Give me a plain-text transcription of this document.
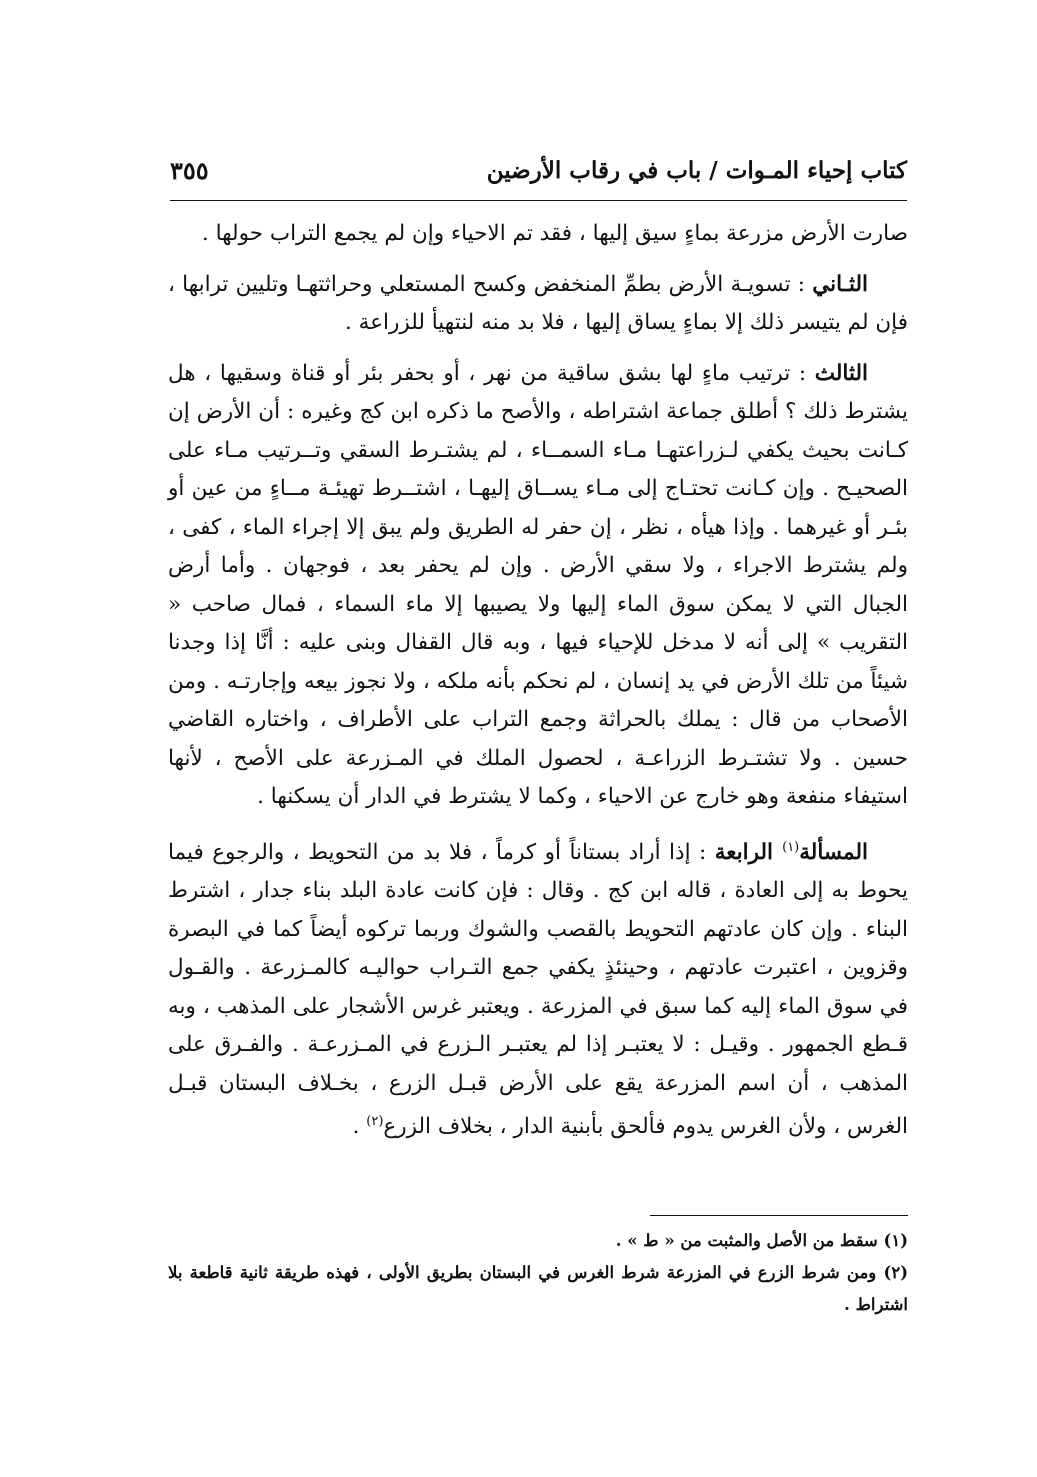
كتاب إحياء المـوات / باب في رقاب الأرضين
٣٥٥

صارت الأرض مزرعة بماءٍ سيق إليها ، فقد تم الاحياء وإن لم يجمع التراب حولها .

الثـاني : تسويـة الأرض بطمِّ المنخفض وكسح المستعلي وحراثتهـا وتليين ترابها ، فإن لم يتيسر ذلك إلا بماءٍ يساق إليها ، فلا بد منه لنتهيأ للزراعة .

الثالث : ترتيب ماءٍ لها بشق ساقية من نهر ، أو بحفر بئر أو قناة وسقيها ، هل يشترط ذلك ؟ أطلق جماعة اشتراطه ، والأصح ما ذكره ابن كج وغيره : أن الأرض إن كـانت بحيث يكفي لـزراعتهـا مـاء السمــاء ، لم يشتـرط السقي وتــرتيب مـاء على الصحيـح . وإن كـانت تحتـاج إلى مـاء يســاق إليهـا ، اشتــرط تهيئـة مــاءٍ من عين أو بئـر أو غيرهما . وإذا هيأه ، نظر ، إن حفر له الطريق ولم يبق إلا إجراء الماء ، كفى ، ولم يشترط الاجراء ، ولا سقي الأرض . وإن لم يحفر بعد ، فوجهان . وأما أرض الجبال التي لا يمكن سوق الماء إليها ولا يصيبها إلا ماء السماء ، فمال صاحب « التقريب » إلى أنه لا مدخل للإحياء فيها ، وبه قال القفال وبنى عليه : أنَّا إذا وجدنا شيئاً من تلك الأرض في يد إنسان ، لم نحكم بأنه ملكه ، ولا نجوز بيعه وإجارتـه . ومن الأصحاب من قال : يملك بالحراثة وجمع التراب على الأطراف ، واختاره القاضي حسين . ولا تشتـرط الزراعـة ، لحصول الملك في المـزرعة على الأصح ، لأنها استيفاء منفعة وهو خارج عن الاحياء ، وكما لا يشترط في الدار أن يسكنها .

المسألة$^{(١)}$ الرابعة : إذا أراد بستاناً أو كرماً ، فلا بد من التحويط ، والرجوع فيما يحوط به إلى العادة ، قاله ابن كج . وقال : فإن كانت عادة البلد بناء جدار ، اشترط البناء . وإن كان عادتهم التحويط بالقصب والشوك وربما تركوه أيضاً كما في البصرة وقزوين ، اعتبرت عادتهم ، وحينئذٍ يكفي جمع التـراب حواليـه كالمـزرعة . والقـول في سوق الماء إليه كما سبق في المزرعة . ويعتبر غرس الأشجار على المذهب ، وبه قـطع الجمهور . وقيـل : لا يعتبـر إذا لم يعتبـر الـزرع في المـزرعـة . والفـرق على المذهب ، أن اسم المزرعة يقع على الأرض قبـل الزرع ، بخـلاف البستان قبـل الغرس ، ولأن الغرس يدوم فألحق بأبنية الدار ، بخلاف الزرع$^{(٢)}$ .

(١) سقط من الأصل والمثبت من « ط » .

(٢) ومن شرط الزرع في المزرعة شرط الغرس في البستان بطريق الأولى ، فهذه طريقة ثانية قاطعة بلا اشتراط .
